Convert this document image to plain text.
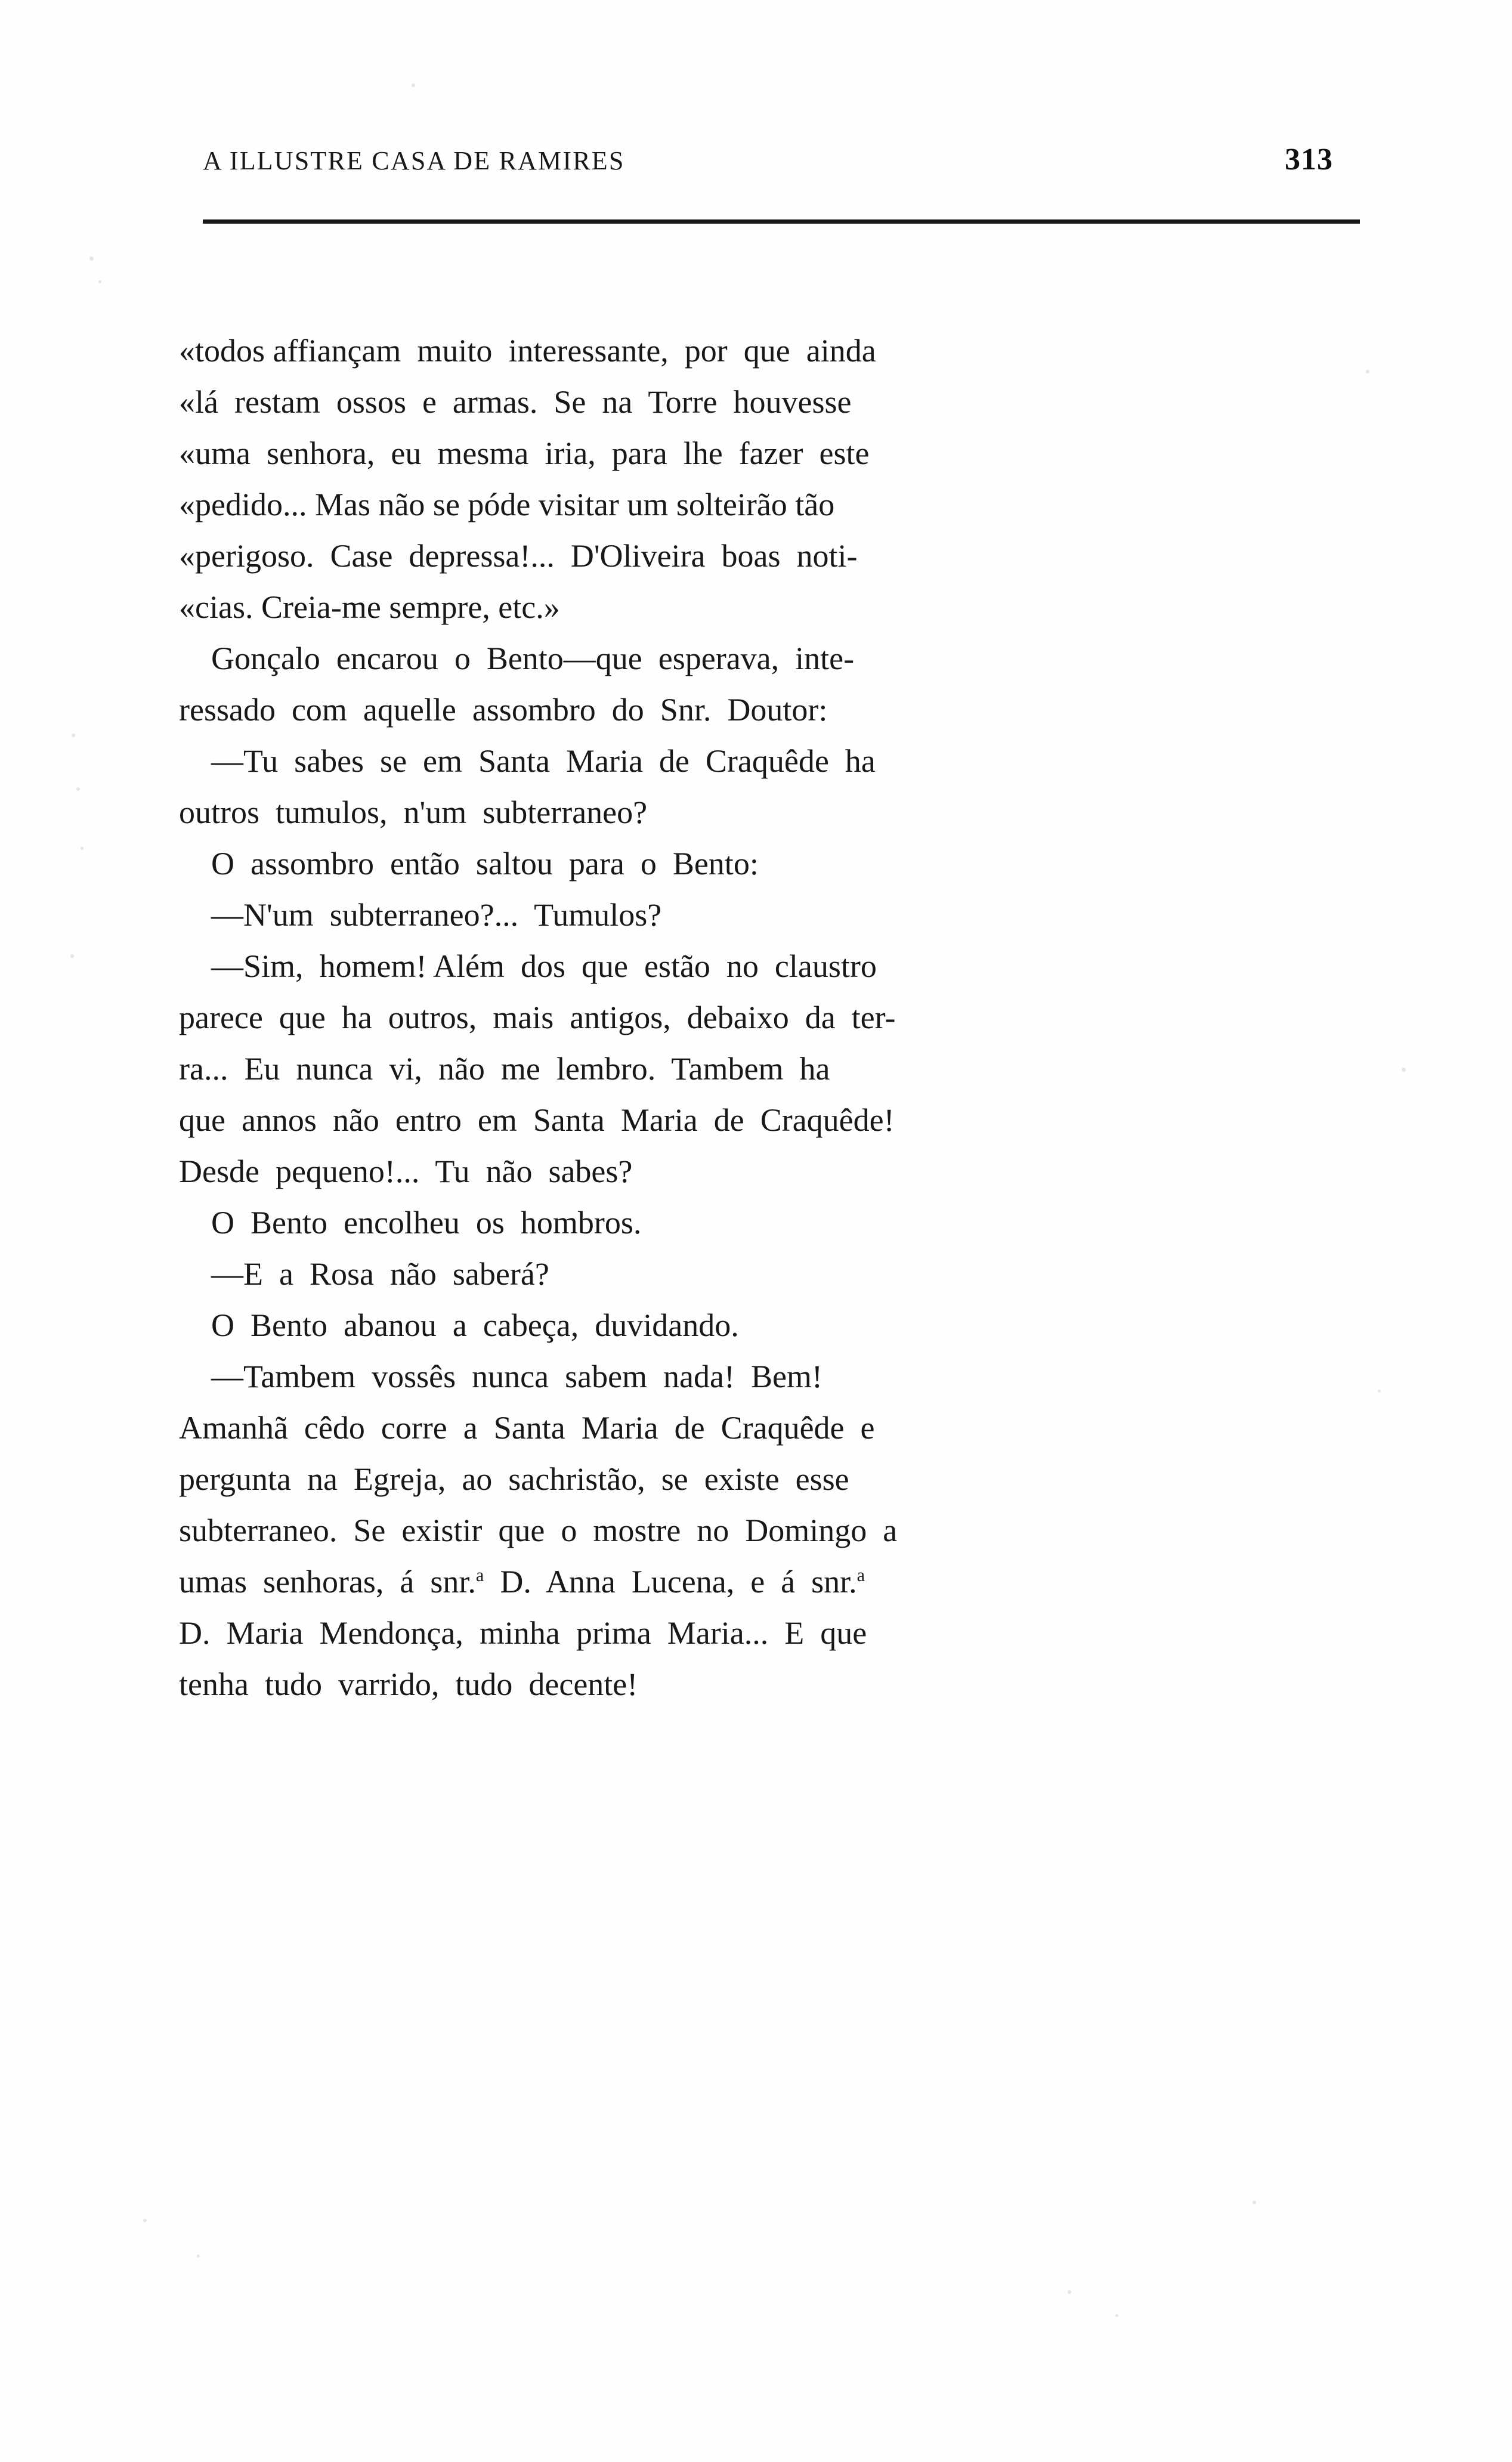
A ILLUSTRE CASA DE RAMIRES	313

«todos affiançam  muito  interessante,  por  que  ainda
«lá  restam  ossos  e  armas.  Se  na  Torre  houvesse
«uma  senhora,  eu  mesma  iria,  para  lhe  fazer  este
«pedido... Mas não se póde visitar um solteirão tão
«perigoso.  Case  depressa!...  D'Oliveira  boas  noti-
«cias. Creia-me sempre, etc.»
Gonçalo  encarou  o  Bento—que  esperava,  inte-
ressado  com  aquelle  assombro  do  Snr.  Doutor:
—Tu  sabes  se  em  Santa  Maria  de  Craquêde  ha
outros  tumulos,  n'um  subterraneo?
O  assombro  então  saltou  para  o  Bento:
—N'um  subterraneo?...  Tumulos?
—Sim,  homem! Além  dos  que  estão  no  claustro
parece  que  ha  outros,  mais  antigos,  debaixo  da  ter-
ra...  Eu  nunca  vi,  não  me  lembro.  Tambem  ha
que  annos  não  entro  em  Santa  Maria  de  Craquêde!
Desde  pequeno!...  Tu  não  sabes?
O  Bento  encolheu  os  hombros.
—E  a  Rosa  não  saberá?
O  Bento  abanou  a  cabeça,  duvidando.
—Tambem  vossês  nunca  sabem  nada!  Bem!
Amanhã  cêdo  corre  a  Santa  Maria  de  Craquêde  e
pergunta  na  Egreja,  ao  sachristão,  se  existe  esse
subterraneo.  Se  existir  que  o  mostre  no  Domingo  a
umas  senhoras,  á  snr.$^a$  D.  Anna  Lucena,  e  á  snr.$^a$
D.  Maria  Mendonça,  minha  prima  Maria...  E  que
tenha  tudo  varrido,  tudo  decente!
